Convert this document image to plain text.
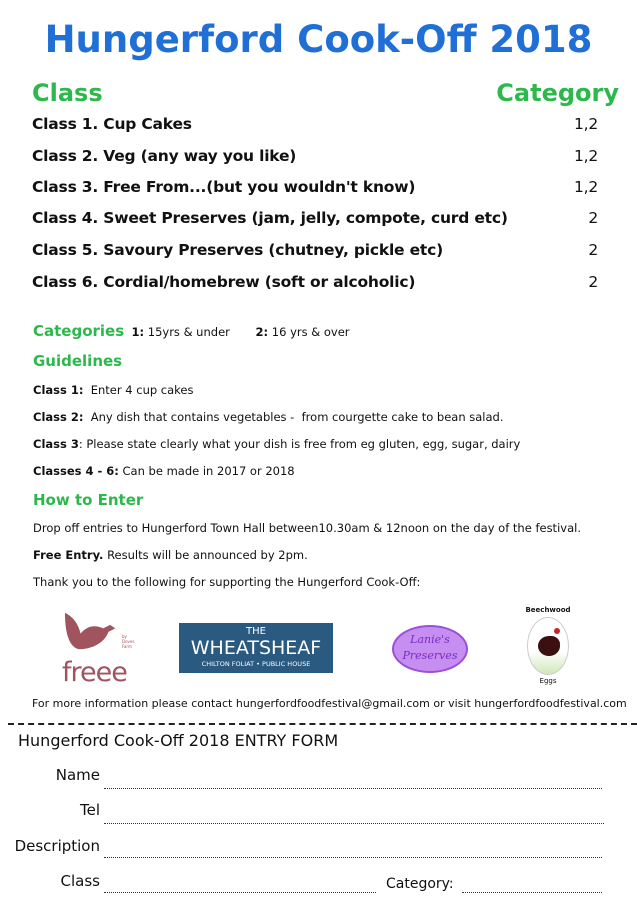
Hungerford Cook-Off 2018
Class	Category
Class 1. Cup Cakes	1,2
Class 2. Veg (any way you like)	1,2
Class 3. Free From...(but you wouldn't know)	1,2
Class 4. Sweet Preserves (jam, jelly, compote, curd etc)	2
Class 5. Savoury Preserves (chutney, pickle etc)	2
Class 6. Cordial/homebrew (soft or alcoholic)	2
Categories 1: 15yrs & under 2: 16 yrs & over
Guidelines
Class 1:  Enter 4 cup cakes
Class 2:  Any dish that contains vegetables -  from courgette cake to bean salad.
Class 3: Please state clearly what your dish is free from eg gluten, egg, sugar, dairy
Classes 4 - 6: Can be made in 2017 or 2018
How to Enter
Drop off entries to Hungerford Town Hall between10.30am & 12noon on the day of the festival.
Free Entry. Results will be announced by 2pm.
Thank you to the following for supporting the Hungerford Cook-Off:
freee
by Doves Farm
THE
WHEATSHEAF
CHILTON FOLIAT • PUBLIC HOUSE
Lanie's
Preserves
Beechwood
Eggs
For more information please contact hungerfordfoodfestival@gmail.com or visit hungerfordfoodfestival.com
Hungerford Cook-Off 2018 ENTRY FORM
Name
Tel
Description
Class	Category:
